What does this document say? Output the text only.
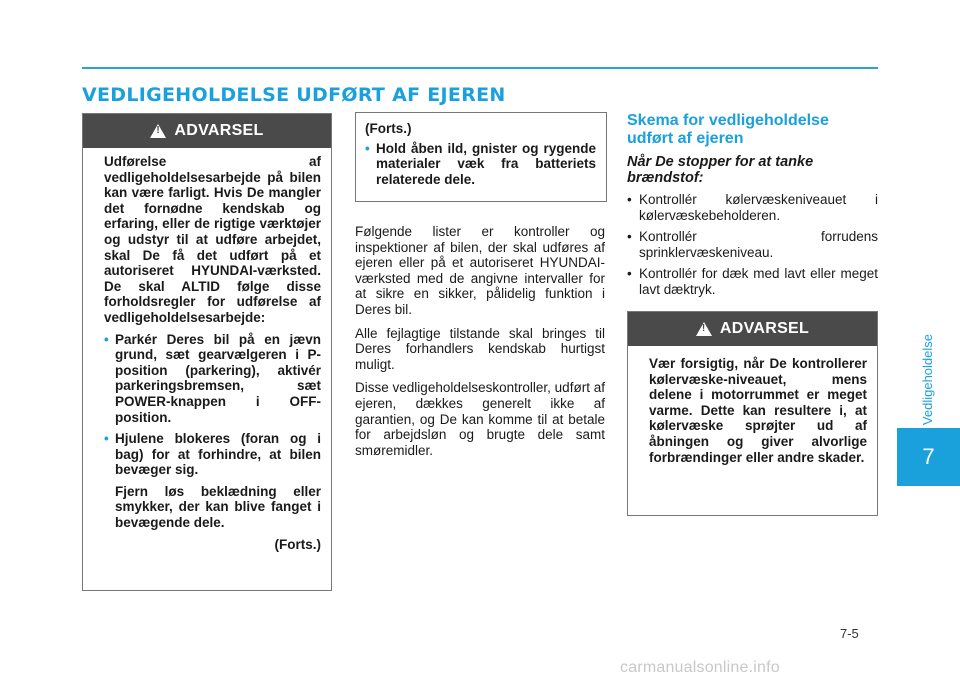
VEDLIGEHOLDELSE UDFØRT AF EJEREN
!
ADVARSEL
Udførelse af vedligeholdelsesarbejde på bilen kan være farligt. Hvis De mangler det fornødne kendskab og erfaring, eller de rigtige værktøjer og udstyr til at udføre arbejdet, skal De få det udført på et autoriseret HYUNDAI-værksted. De skal ALTID følge disse forholdsregler for udførelse af vedligeholdelsesarbejde:
• Parkér Deres bil på en jævn grund, sæt gearvælgeren i P-position (parkering), aktivér parkeringsbremsen, sæt POWER-knappen i OFF-position.
• Hjulene blokeres (foran og i bag) for at forhindre, at bilen bevæger sig.
Fjern løs beklædning eller smykker, der kan blive fanget i bevægende dele.
(Forts.)
(Forts.)
• Hold åben ild, gnister og rygende materialer væk fra batteriets relaterede dele.

Følgende lister er kontroller og inspektioner af bilen, der skal udføres af ejeren eller på et autoriseret HYUNDAI-værksted med de angivne intervaller for at sikre en sikker, pålidelig funktion i Deres bil.

Alle fejlagtige tilstande skal bringes til Deres forhandlers kendskab hurtigst muligt.

Disse vedligeholdelseskontroller, udført af ejeren, dækkes generelt ikke af garantien, og De kan komme til at betale for arbejdsløn og brugte dele samt smøremidler.

Skema for vedligeholdelse udført af ejeren
Når De stopper for at tanke brændstof:
• Kontrollér kølervæskeniveauet i kølervæskebeholderen.
• Kontrollér forrudens sprinklervæskeniveau.
• Kontrollér for dæk med lavt eller meget lavt dæktryk.
!
ADVARSEL
Vær forsigtig, når De kontrollerer kølervæske-niveauet, mens delene i motorrummet er meget varme. Dette kan resultere i, at kølervæske sprøjter ud af åbningen og giver alvorlige forbrændinger eller andre skader.
Vedligeholdelse
7
7-5
carmanualsonline.info
